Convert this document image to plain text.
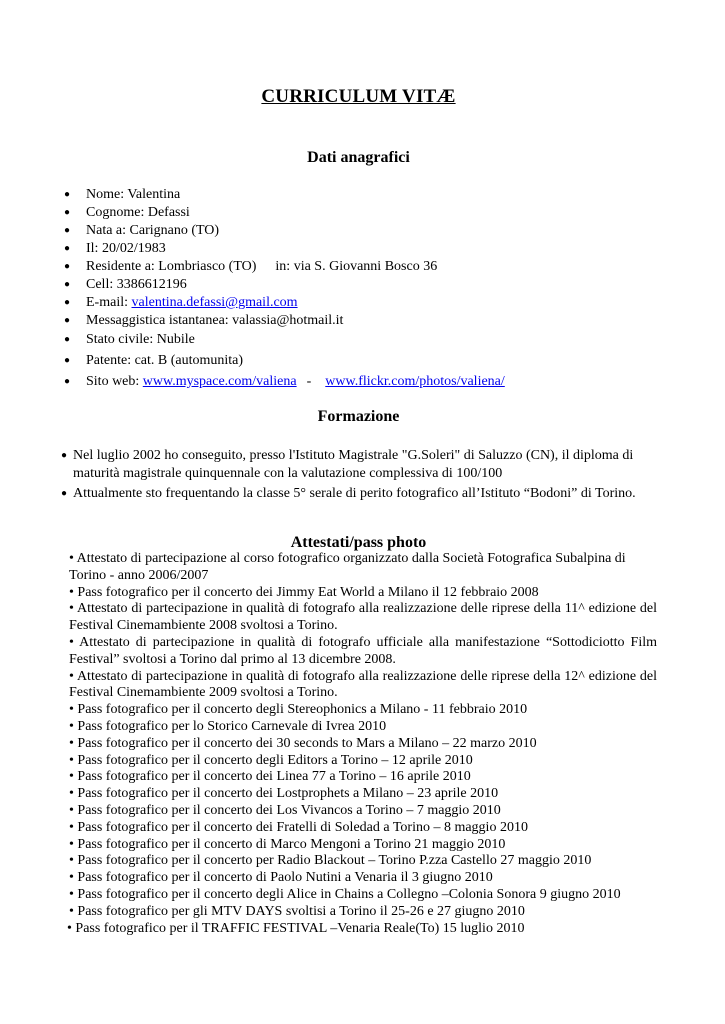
CURRICULUM VITÆ
Dati anagrafici
●	Nome: Valentina
●	Cognome: Defassi
●	Nata a: Carignano (TO)
●	Il: 20/02/1983
●	Residente a: Lombriasco (TO) in: via S. Giovanni Bosco 36
●	Cell: 3386612196
●	E-mail: valentina.defassi@gmail.com
●	Messaggistica istantanea: valassia@hotmail.it
●	Stato civile: Nubile
●	Patente: cat. B (automunita)
●	Sito web: www.myspace.com/valiena - www.flickr.com/photos/valiena/
Formazione
● Nel luglio 2002 ho conseguito, presso l'Istituto Magistrale "G.Soleri" di Saluzzo (CN), il diploma di maturità magistrale quinquennale con la valutazione complessiva di 100/100
● Attualmente sto frequentando la classe 5° serale di perito fotografico all’Istituto “Bodoni” di Torino.
Attestati/pass photo

• Attestato di partecipazione al corso fotografico organizzato dalla Società Fotografica Subalpina di Torino - anno 2006/2007

• Pass fotografico per il concerto dei Jimmy Eat World a Milano il 12 febbraio 2008

• Attestato di partecipazione in qualità di fotografo alla realizzazione delle riprese della 11^ edizione del Festival Cinemambiente 2008 svoltosi a Torino.

• Attestato di partecipazione in qualità di fotografo ufficiale alla manifestazione “Sottodiciotto Film Festival” svoltosi a Torino dal primo al 13 dicembre 2008.

• Attestato di partecipazione in qualità di fotografo alla realizzazione delle riprese della 12^ edizione del Festival Cinemambiente 2009 svoltosi a Torino.

• Pass fotografico per il concerto degli Stereophonics a Milano - 11 febbraio 2010

• Pass fotografico per lo Storico Carnevale di Ivrea 2010

• Pass fotografico per il concerto dei 30 seconds to Mars a Milano – 22 marzo 2010

• Pass fotografico per il concerto degli Editors a Torino – 12 aprile 2010

• Pass fotografico per il concerto dei Linea 77 a Torino – 16 aprile 2010

• Pass fotografico per il concerto dei Lostprophets a Milano – 23 aprile 2010

• Pass fotografico per il concerto dei Los Vivancos a Torino – 7 maggio 2010

• Pass fotografico per il concerto dei Fratelli di Soledad a Torino – 8 maggio 2010

• Pass fotografico per il concerto di Marco Mengoni a Torino 21 maggio 2010

• Pass fotografico per il concerto per Radio Blackout – Torino P.zza Castello 27 maggio 2010

• Pass fotografico per il concerto di Paolo Nutini a Venaria il 3 giugno 2010

• Pass fotografico per il concerto degli Alice in Chains a Collegno –Colonia Sonora 9 giugno 2010

• Pass fotografico per gli MTV DAYS svoltisi a Torino il 25-26 e 27 giugno 2010

• Pass fotografico per il TRAFFIC FESTIVAL –Venaria Reale(To) 15 luglio 2010
